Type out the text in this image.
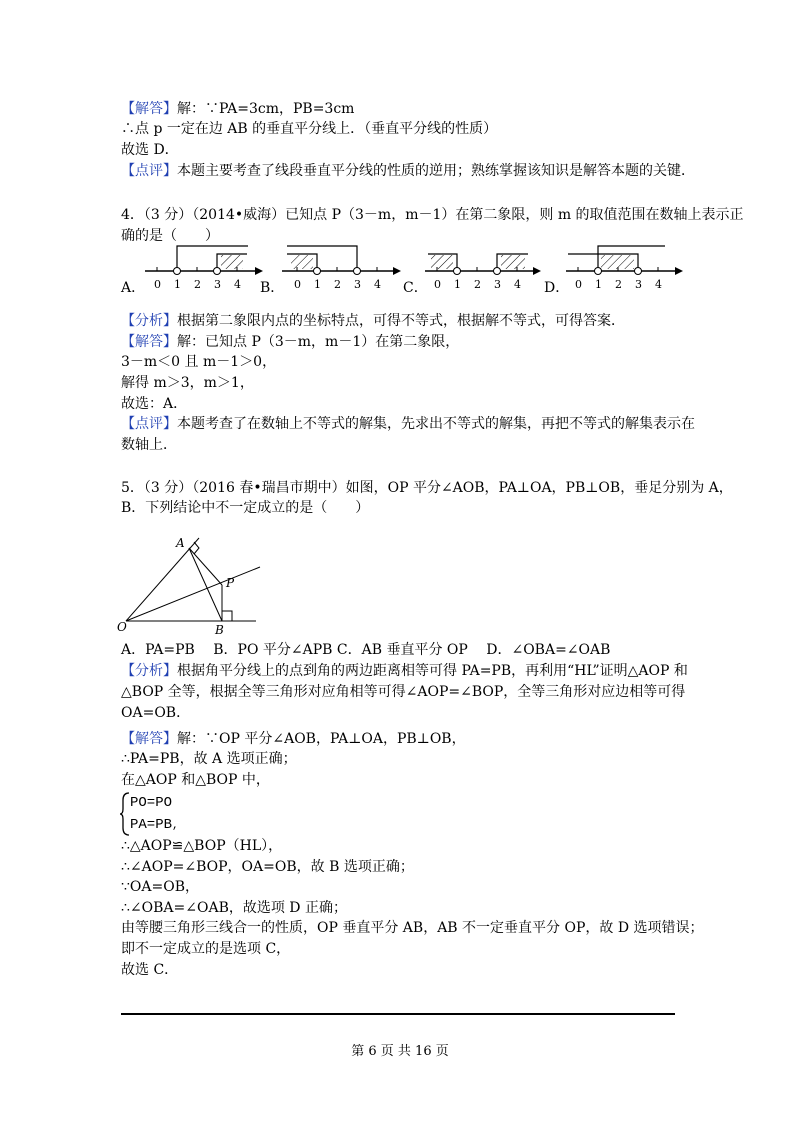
【解答】解：∵PA=3cm，PB=3cm
∴点 p 一定在边 AB 的垂直平分线上．（垂直平分线的性质）
故选 D．
【点评】本题主要考查了线段垂直平分线的性质的逆用；熟练掌握该知识是解答本题的关键．
4．（3 分）（2014•威海）已知点 P（3－m，m－1）在第二象限，则 m 的取值范围在数轴上表示正
确的是（　　）
A．	B．	C．	D．
0 1 2 3 4	0 1 2 3 4	0 1 2 3 4	0 1 2 3 4
【分析】根据第二象限内点的坐标特点，可得不等式，根据解不等式，可得答案．
【解答】解：已知点 P（3－m，m－1）在第二象限，
3－m＜0 且 m－1＞0，
解得 m＞3，m＞1，
故选：A．
【点评】本题考查了在数轴上不等式的解集，先求出不等式的解集，再把不等式的解集表示在
数轴上．
5．（3 分）（2016 春•瑞昌市期中）如图，OP 平分∠AOB，PA⊥OA，PB⊥OB，垂足分别为 A，
B．下列结论中不一定成立的是（　　）
A
O
P
B
A．PA=PB　 B．PO 平分∠APB C．AB 垂直平分 OP　 D．∠OBA=∠OAB
【分析】根据角平分线上的点到角的两边距离相等可得 PA=PB，再利用“HL”证明△AOP 和
△BOP 全等，根据全等三角形对应角相等可得∠AOP=∠BOP，全等三角形对应边相等可得
OA=OB．
【解答】解：∵OP 平分∠AOB，PA⊥OA，PB⊥OB，
∴PA=PB，故 A 选项正确；
在△AOP 和△BOP 中，
PO=PO
PA=PB,
∴△AOP≌△BOP（HL），
∴∠AOP=∠BOP，OA=OB，故 B 选项正确；
∵OA=OB，
∴∠OBA=∠OAB，故选项 D 正确；
由等腰三角形三线合一的性质，OP 垂直平分 AB，AB 不一定垂直平分 OP，故 D 选项错误；
即不一定成立的是选项 C，
故选 C．
第 6 页 共 16 页
